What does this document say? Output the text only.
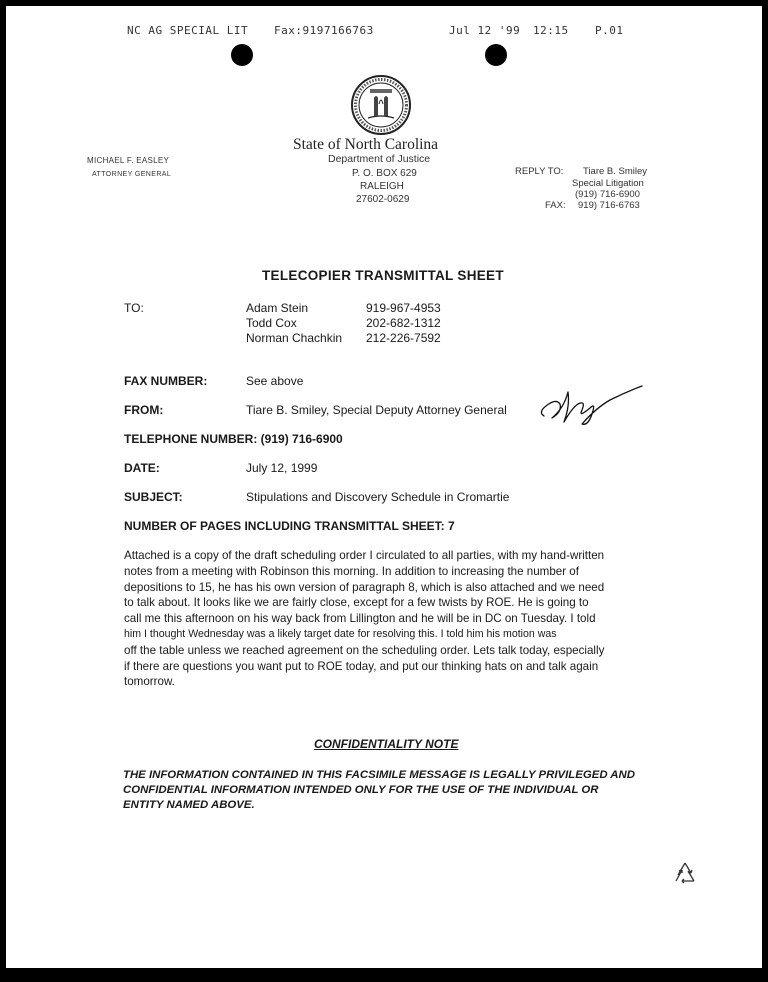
NC AG SPECIAL LIT Fax:9197166763	Jul 12 '99 12:15 P.01
State of North Carolina
Department of Justice
P. O. BOX 629
RALEIGH
27602-0629
MICHAEL F. EASLEY
ATTORNEY GENERAL	REPLY TO: Tiare B. Smiley
Special Litigation
(919) 716-6900
FAX: 919) 716-6763
TELECOPIER TRANSMITTAL SHEET
TO:	Adam Stein	919-967-4953
Todd Cox	202-682-1312
Norman Chachkin 212-226-7592
FAX NUMBER:	See above
FROM:	Tiare B. Smiley, Special Deputy Attorney General
TELEPHONE NUMBER: (919) 716-6900
DATE:	July 12, 1999
SUBJECT:	Stipulations and Discovery Schedule in Cromartie
NUMBER OF PAGES INCLUDING TRANSMITTAL SHEET: 7
Attached is a copy of the draft scheduling order I circulated to all parties, with my hand-written
notes from a meeting with Robinson this morning. In addition to increasing the number of
depositions to 15, he has his own version of paragraph 8, which is also attached and we need
to talk about. It looks like we are fairly close, except for a few twists by ROE. He is going to
call me this afternoon on his way back from Lillington and he will be in DC on Tuesday. I told
him I thought Wednesday was a likely target date for resolving this. I told him his motion was
off the table unless we reached agreement on the scheduling order. Lets talk today, especially
if there are questions you want put to ROE today, and put our thinking hats on and talk again
tomorrow.
CONFIDENTIALITY NOTE
THE INFORMATION CONTAINED IN THIS FACSIMILE MESSAGE IS LEGALLY PRIVILEGED AND
CONFIDENTIAL INFORMATION INTENDED ONLY FOR THE USE OF THE INDIVIDUAL OR
ENTITY NAMED ABOVE.
